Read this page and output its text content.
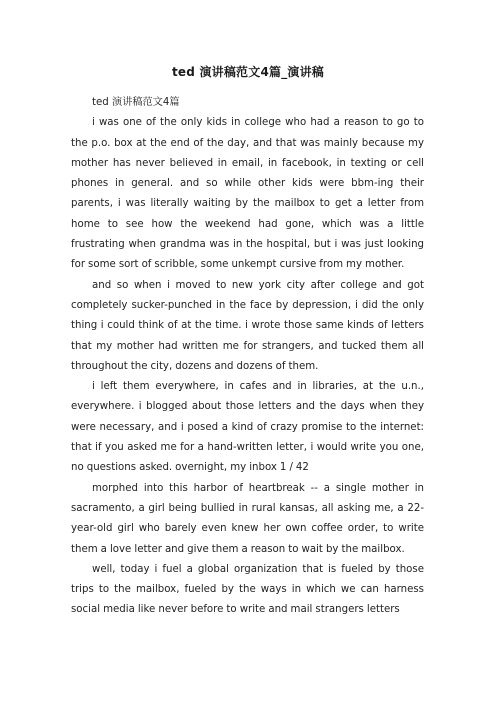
ted 演讲稿范文4篇_演讲稿

ted 演讲稿范文4篇

i was one of the only kids in college who had a reason to go to the p.o. box at the end of the day, and that was mainly because my mother has never believed in email, in facebook, in texting or cell phones in general. and so while other kids were bbm-ing their parents, i was literally waiting by the mailbox to get a letter from home to see how the weekend had gone, which was a little frustrating when grandma was in the hospital, but i was just looking for some sort of scribble, some unkempt cursive from my mother.

and so when i moved to new york city after college and got completely sucker-punched in the face by depression, i did the only thing i could think of at the time. i wrote those same kinds of letters that my mother had written me for strangers, and tucked them all throughout the city, dozens and dozens of them.

i left them everywhere, in cafes and in libraries, at the u.n., everywhere. i blogged about those letters and the days when they were necessary, and i posed a kind of crazy promise to the internet: that if you asked me for a hand-written letter, i would write you one, no questions asked. overnight, my inbox 1 / 42

morphed into this harbor of heartbreak -- a single mother in sacramento, a girl being bullied in rural kansas, all asking me, a 22-year-old girl who barely even knew her own coffee order, to write them a love letter and give them a reason to wait by the mailbox.

well, today i fuel a global organization that is fueled by those trips to the mailbox, fueled by the ways in which we can harness social media like never before to write and mail strangers letters
